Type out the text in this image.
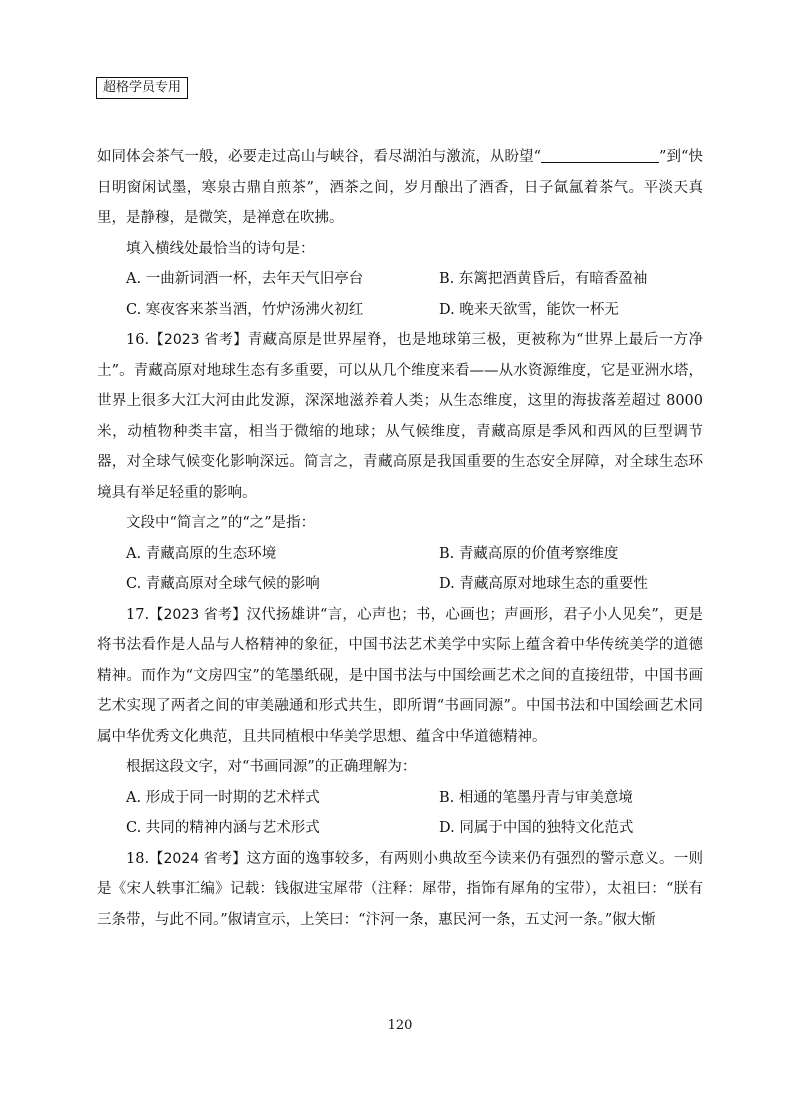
超格学员专用

如同体会茶气一般，必要走过高山与峡谷，看尽湖泊与激流，从盼望“	”到“快日明窗闲试墨，寒泉古鼎自煎茶”，酒茶之间，岁月酿出了酒香，日子氤氲着茶气。平淡天真里，是静穆，是微笑，是禅意在吹拂。

填入横线处最恰当的诗句是：

A. 一曲新词酒一杯，去年天气旧亭台	B. 东篱把酒黄昏后，有暗香盈袖
C. 寒夜客来茶当酒，竹炉汤沸火初红	D. 晚来天欲雪，能饮一杯无

16.【2023 省考】青藏高原是世界屋脊，也是地球第三极，更被称为“世界上最后一方净土”。青藏高原对地球生态有多重要，可以从几个维度来看——从水资源维度，它是亚洲水塔，世界上很多大江大河由此发源，深深地滋养着人类；从生态维度，这里的海拔落差超过 8000 米，动植物种类丰富，相当于微缩的地球；从气候维度，青藏高原是季风和西风的巨型调节器，对全球气候变化影响深远。简言之，青藏高原是我国重要的生态安全屏障，对全球生态环境具有举足轻重的影响。

文段中“简言之”的“之”是指：

A. 青藏高原的生态环境	B. 青藏高原的价值考察维度
C. 青藏高原对全球气候的影响	D. 青藏高原对地球生态的重要性

17.【2023 省考】汉代扬雄讲“言，心声也；书，心画也；声画形，君子小人见矣”，更是将书法看作是人品与人格精神的象征，中国书法艺术美学中实际上蕴含着中华传统美学的道德精神。而作为“文房四宝”的笔墨纸砚，是中国书法与中国绘画艺术之间的直接纽带，中国书画艺术实现了两者之间的审美融通和形式共生，即所谓“书画同源”。中国书法和中国绘画艺术同属中华优秀文化典范，且共同植根中华美学思想、蕴含中华道德精神。

根据这段文字，对“书画同源”的正确理解为：

A. 形成于同一时期的艺术样式	B. 相通的笔墨丹青与审美意境
C. 共同的精神内涵与艺术形式	D. 同属于中国的独特文化范式

18.【2024 省考】这方面的逸事较多，有两则小典故至今读来仍有强烈的警示意义。一则是《宋人轶事汇编》记载：钱俶进宝犀带（注释：犀带，指饰有犀角的宝带），太祖曰：“朕有三条带，与此不同。”俶请宣示，上笑曰：“汴河一条，惠民河一条，五丈河一条。”俶大惭

120
